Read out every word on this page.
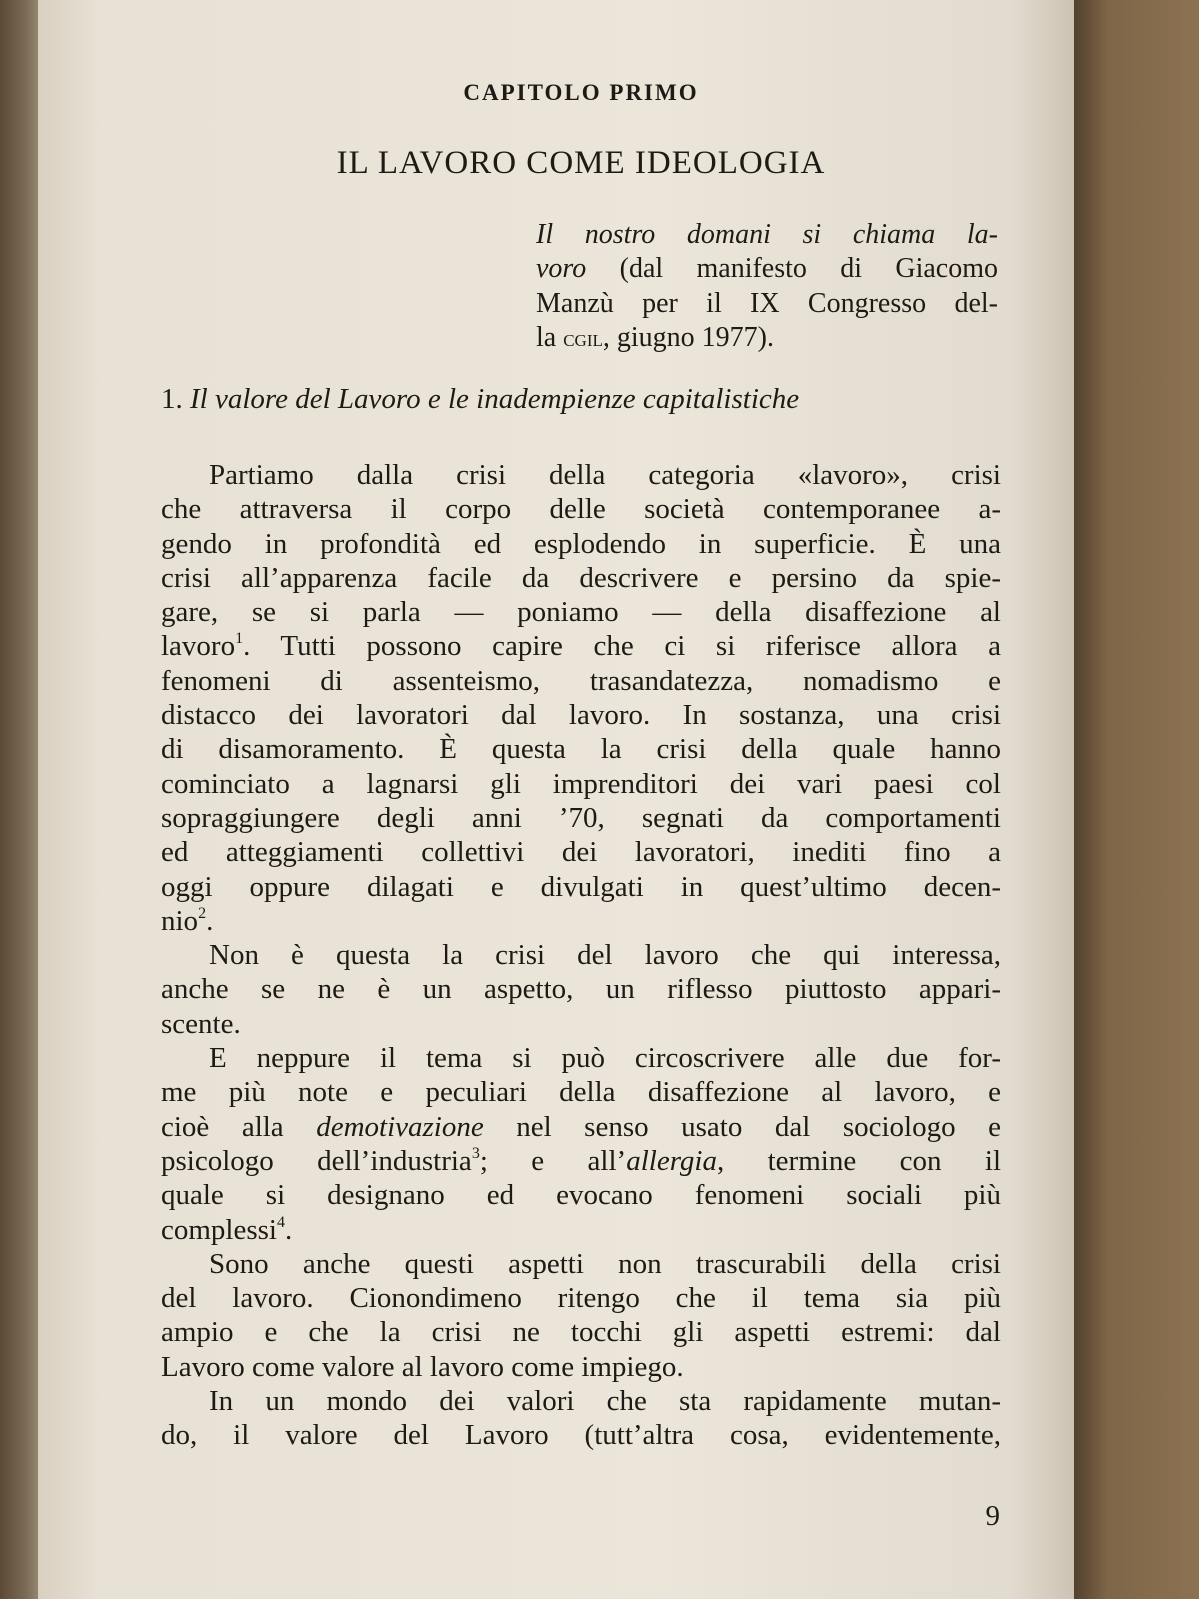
CAPITOLO PRIMO
IL LAVORO COME IDEOLOGIA
Il nostro domani si chiama la-
voro (dal manifesto di Giacomo
Manzù per il IX Congresso del-
la cgil, giugno 1977).
1. Il valore del Lavoro e le inadempienze capitalistiche
Partiamo dalla crisi della categoria «lavoro», crisi
che attraversa il corpo delle società contemporanee a-
gendo in profondità ed esplodendo in superficie. È una
crisi all’apparenza facile da descrivere e persino da spie-
gare, se si parla — poniamo — della disaffezione al
lavoro$^1$. Tutti possono capire che ci si riferisce allora a
fenomeni di assenteismo, trasandatezza, nomadismo e
distacco dei lavoratori dal lavoro. In sostanza, una crisi
di disamoramento. È questa la crisi della quale hanno
cominciato a lagnarsi gli imprenditori dei vari paesi col
sopraggiungere degli anni ’70, segnati da comportamenti
ed atteggiamenti collettivi dei lavoratori, inediti fino a
oggi oppure dilagati e divulgati in quest’ultimo decen-
nio$^2$.
Non è questa la crisi del lavoro che qui interessa,
anche se ne è un aspetto, un riflesso piuttosto appari-
scente.
E neppure il tema si può circoscrivere alle due for-
me più note e peculiari della disaffezione al lavoro, e
cioè alla demotivazione nel senso usato dal sociologo e
psicologo dell’industria$^3$; e all’allergia, termine con il
quale si designano ed evocano fenomeni sociali più
complessi$^4$.
Sono anche questi aspetti non trascurabili della crisi
del lavoro. Cionondimeno ritengo che il tema sia più
ampio e che la crisi ne tocchi gli aspetti estremi: dal
Lavoro come valore al lavoro come impiego.
In un mondo dei valori che sta rapidamente mutan-
do, il valore del Lavoro (tutt’altra cosa, evidentemente,
9
